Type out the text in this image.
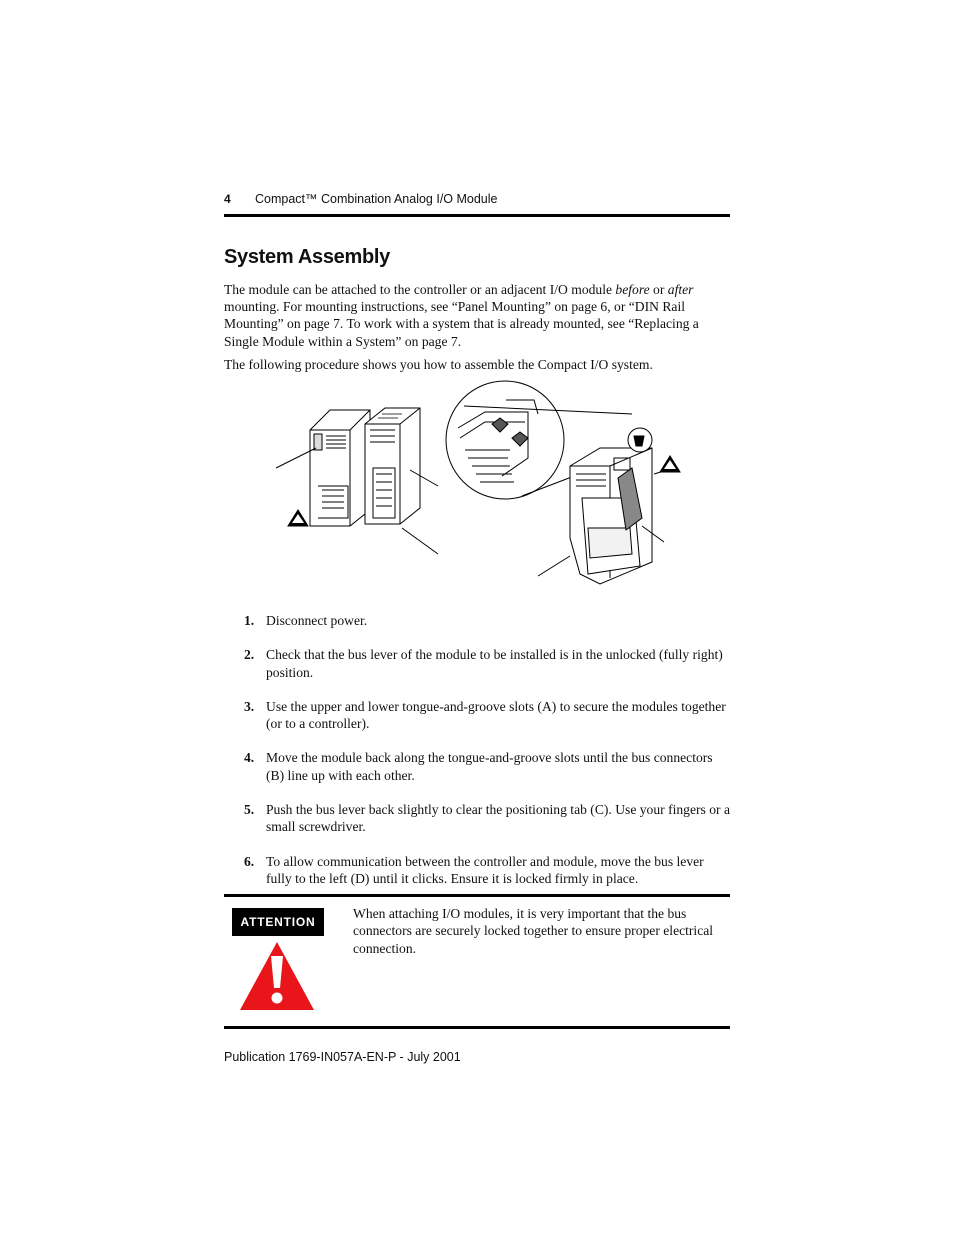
4 Compact™ Combination Analog I/O Module
System Assembly
The module can be attached to the controller or an adjacent I/O module before or after mounting. For mounting instructions, see “Panel Mounting” on page 6, or “DIN Rail Mounting” on page 7. To work with a system that is already mounted, see “Replacing a Single Module within a System” on page 7.
The following procedure shows you how to assemble the Compact I/O system.
1. Disconnect power.
2. Check that the bus lever of the module to be installed is in the unlocked (fully right) position.
3. Use the upper and lower tongue-and-groove slots (A) to secure the modules together (or to a controller).
4. Move the module back along the tongue-and-groove slots until the bus connectors (B) line up with each other.
5. Push the bus lever back slightly to clear the positioning tab (C). Use your fingers or a small screwdriver.
6. To allow communication between the controller and module, move the bus lever fully to the left (D) until it clicks. Ensure it is locked firmly in place.
ATTENTION
When attaching I/O modules, it is very important that the bus connectors are securely locked together to ensure proper electrical connection.
Publication 1769-IN057A-EN-P - July 2001
